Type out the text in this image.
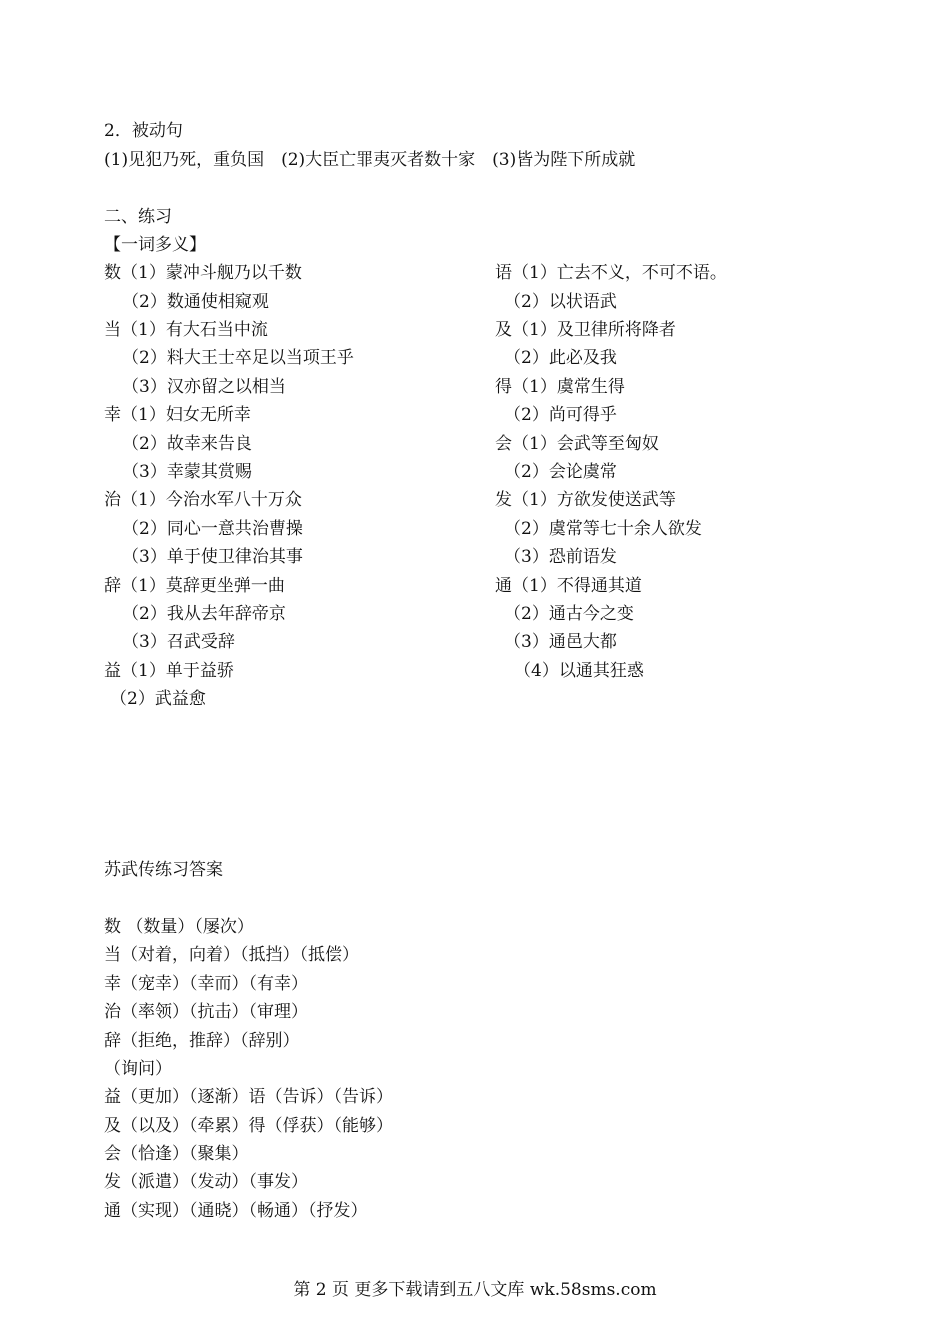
2．被动句
(1)见犯乃死，重负国　(2)大臣亡罪夷灭者数十家　(3)皆为陛下所成就
二、练习
【一词多义】
数（1）蒙冲斗舰乃以千数
（2）数通使相窥观
当（1）有大石当中流
（2）料大王士卒足以当项王乎
（3）汉亦留之以相当
幸（1）妇女无所幸
（2）故幸来告良
（3）幸蒙其赏赐
治（1）今治水军八十万众
（2）同心一意共治曹操
（3）单于使卫律治其事
辞（1）莫辞更坐弹一曲
（2）我从去年辞帝京
（3）召武受辞
益（1）单于益骄
（2）武益愈
语（1）亡去不义，不可不语。
（2）以状语武
及（1）及卫律所将降者
（2）此必及我
得（1）虞常生得
（2）尚可得乎
会（1）会武等至匈奴
（2）会论虞常
发（1）方欲发使送武等
（2）虞常等七十余人欲发
（3）恐前语发
通（1）不得通其道
（2）通古今之变
（3）通邑大都
（4）以通其狂惑
苏武传练习答案
数 （数量）（屡次）
当（对着，向着）（抵挡）（抵偿）
幸（宠幸）（幸而）（有幸）
治（率领）（抗击）（审理）
辞（拒绝，推辞）（辞别）
（询问）
益（更加）（逐渐）语（告诉）（告诉）
及（以及）（牵累）得（俘获）（能够）
会（恰逢）（聚集）
发（派遣）（发动）（事发）
通（实现）（通晓）（畅通）（抒发）
第 2 页 更多下载请到五八文库 wk.58sms.com
